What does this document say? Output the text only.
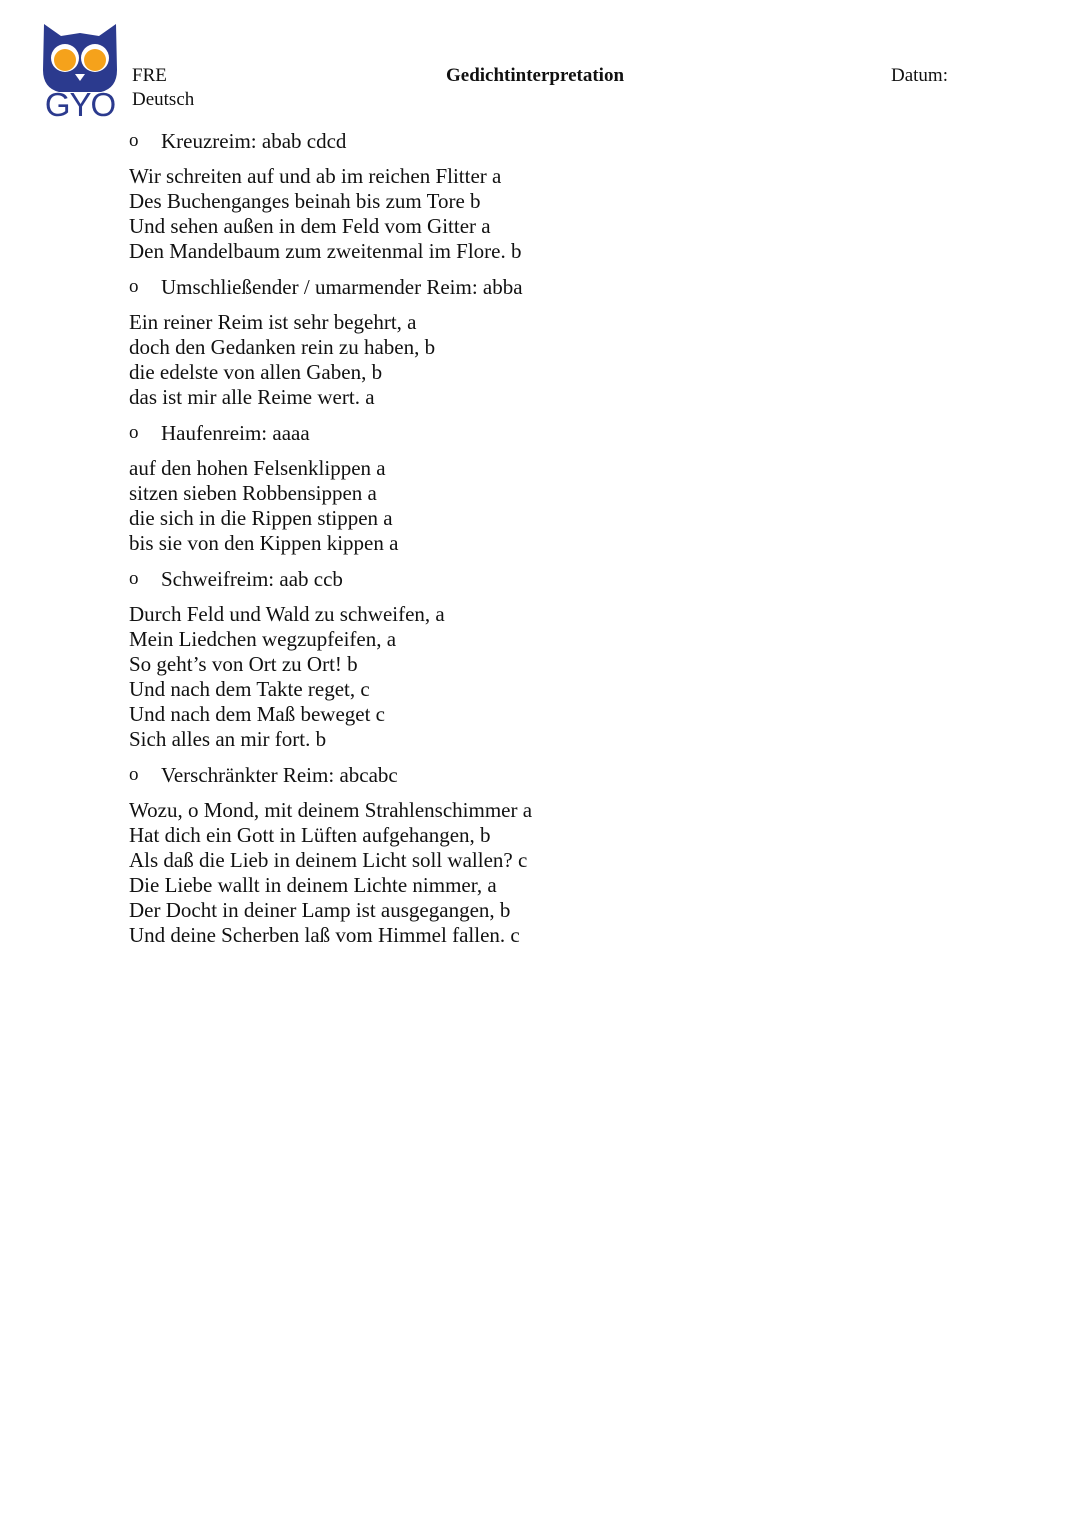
GYO
FRE
Deutsch
Gedichtinterpretation	Datum:
o Kreuzreim: abab cdcd
Wir schreiten auf und ab im reichen Flitter a
Des Buchenganges beinah bis zum Tore b
Und sehen außen in dem Feld vom Gitter a
Den Mandelbaum zum zweitenmal im Flore. b
o Umschließender / umarmender Reim: abba
Ein reiner Reim ist sehr begehrt, a
doch den Gedanken rein zu haben, b
die edelste von allen Gaben, b
das ist mir alle Reime wert. a
o Haufenreim: aaaa
auf den hohen Felsenklippen a
sitzen sieben Robbensippen a
die sich in die Rippen stippen a
bis sie von den Kippen kippen a
o Schweifreim: aab ccb
Durch Feld und Wald zu schweifen, a
Mein Liedchen wegzupfeifen, a
So geht’s von Ort zu Ort! b
Und nach dem Takte reget, c
Und nach dem Maß beweget c
Sich alles an mir fort. b
o Verschränkter Reim: abcabc
Wozu, o Mond, mit deinem Strahlenschimmer a
Hat dich ein Gott in Lüften aufgehangen, b
Als daß die Lieb in deinem Licht soll wallen? c
Die Liebe wallt in deinem Lichte nimmer, a
Der Docht in deiner Lamp ist ausgegangen, b
Und deine Scherben laß vom Himmel fallen. c
